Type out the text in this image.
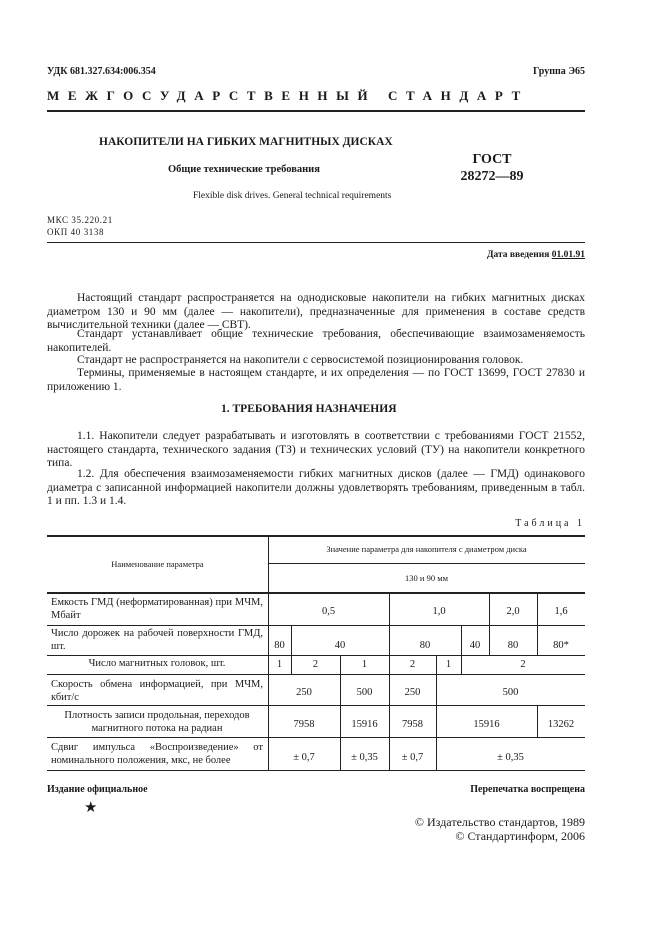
УДК 681.327.634:006.354	Группа Э65
МЕЖГОСУДАРСТВЕННЫЙ СТАНДАРТ
НАКОПИТЕЛИ НА ГИБКИХ МАГНИТНЫХ ДИСКАХ
Общие технические требования
ГОСТ
28272—89
Flexible disk drives. General technical requirements
МКС 35.220.21
ОКП 40 3138
Дата введения 01.01.91

Настоящий стандарт распространяется на однодисковые накопители на гибких магнитных дисках диаметром 130 и 90 мм (далее — накопители), предназначенные для применения в составе средств вычислительной техники (далее — СВТ).

Стандарт устанавливает общие технические требования, обеспечивающие взаимозаменяемость накопителей.

Стандарт не распространяется на накопители с сервосистемой позиционирования головок.

Термины, применяемые в настоящем стандарте, и их определения — по ГОСТ 13699, ГОСТ 27830 и приложению 1.

1. ТРЕБОВАНИЯ НАЗНАЧЕНИЯ

1.1. Накопители следует разрабатывать и изготовлять в соответствии с требованиями ГОСТ 21552, настоящего стандарта, технического задания (ТЗ) и технических условий (ТУ) на накопители конкретного типа.

1.2. Для обеспечения взаимозаменяемости гибких магнитных дисков (далее — ГМД) одинакового диаметра с записанной информацией накопители должны удовлетворять требованиям, приведенным в табл. 1 и пп. 1.3 и 1.4.

Таблица 1
Наименование параметра
Значение параметра для накопителя с диаметром диска
130 и 90 мм
Емкость ГМД (неформатированная) при МЧМ, Мбайт	0,5	1,0	2,0	1,6
Число дорожек на рабочей поверхности ГМД, шт.	80	40	80	40	80	80*
Число магнитных головок, шт.	1	2	1	2	1	2
Скорость обмена информацией, при МЧМ, кбит/с	250	500	250	500
Плотность записи продольная, переходов магнитного потока на радиан	7958	15916	7958	15916	13262
Сдвиг импульса «Воспроизведение» от номинального положения, мкс, не более	± 0,7	± 0,35	± 0,7	± 0,35
Издание официальное	Перепечатка воспрещена
★
© Издательство стандартов, 1989
© Стандартинформ, 2006
